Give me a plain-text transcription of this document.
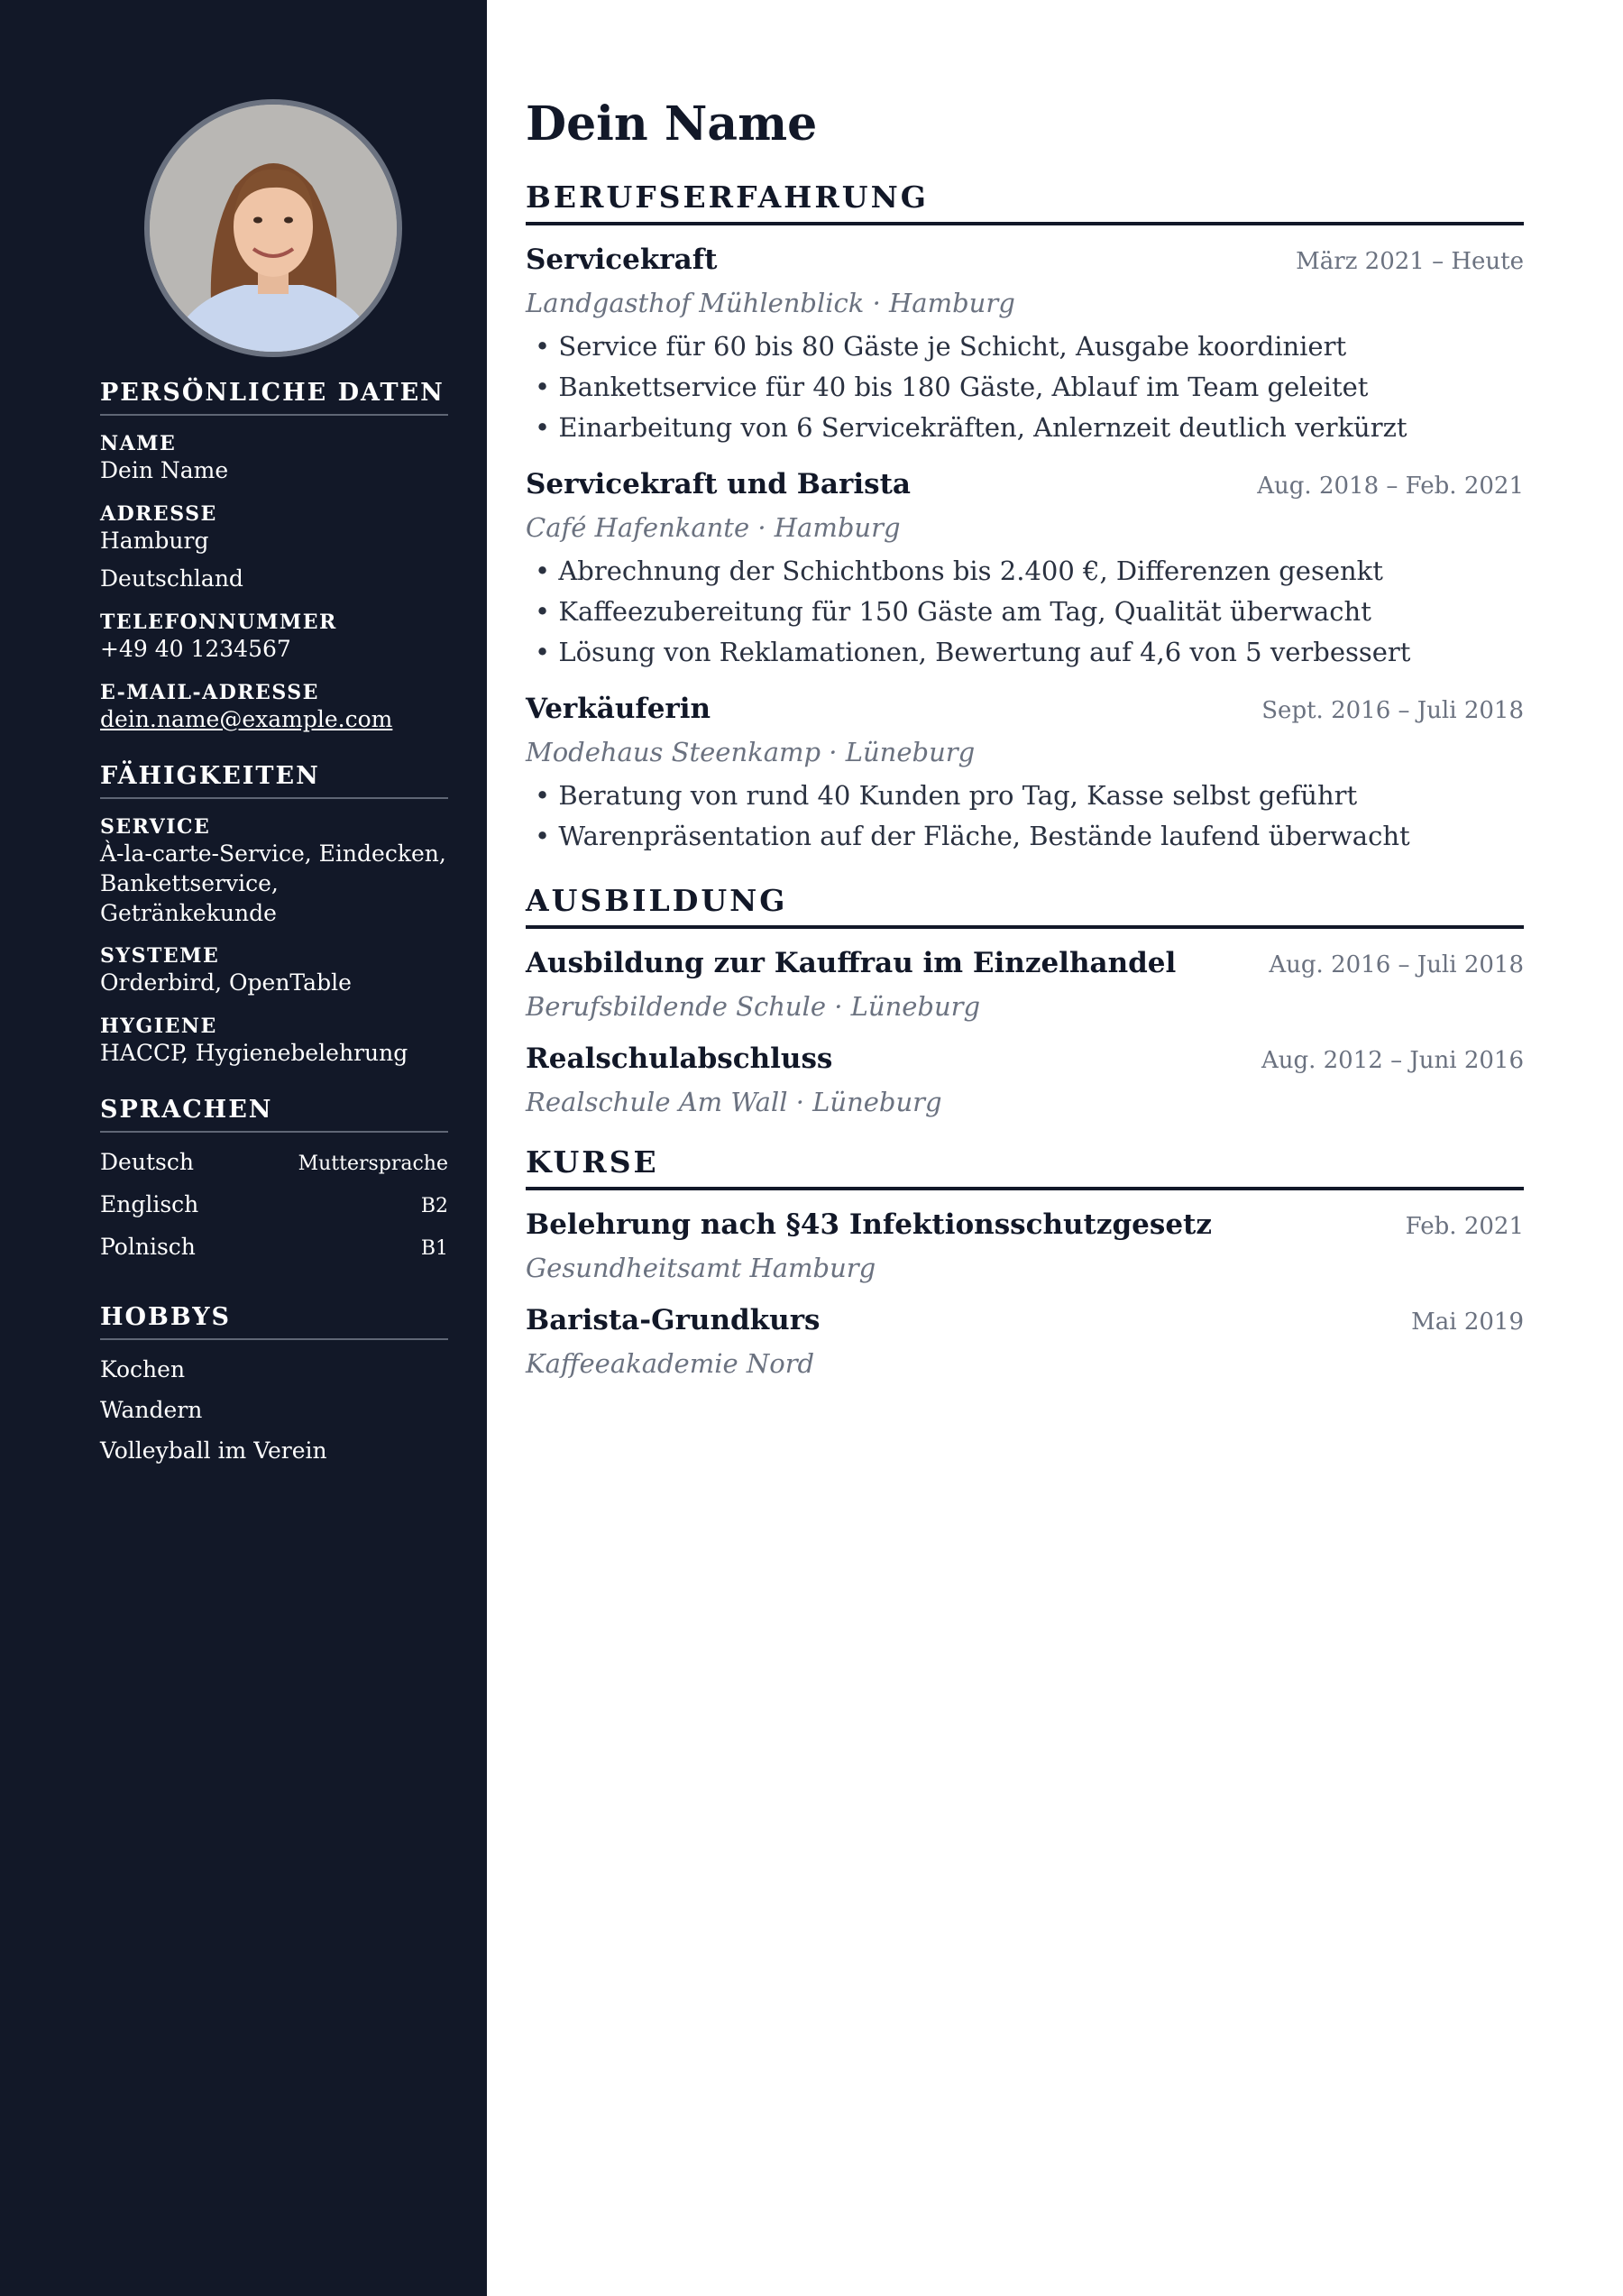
PERSÖNLICHE DATEN
NAME
Dein Name
ADRESSE
Hamburg
Deutschland
TELEFONNUMMER
+49 40 1234567
E-MAIL-ADRESSE
dein.name@example.com
FÄHIGKEITEN
SERVICE
À-la-carte-Service, Eindecken,
Bankettservice, Getränkekunde
SYSTEME
Orderbird, OpenTable
HYGIENE
HACCP, Hygienebelehrung
SPRACHEN
Deutsch	Muttersprache
Englisch	B2
Polnisch	B1
HOBBYS
Kochen
Wandern
Volleyball im Verein
Dein Name
BERUFSERFAHRUNG
Servicekraft	März 2021 – Heute
Landgasthof Mühlenblick · Hamburg
• Service für 60 bis 80 Gäste je Schicht, Ausgabe koordiniert
• Bankettservice für 40 bis 180 Gäste, Ablauf im Team geleitet
• Einarbeitung von 6 Servicekräften, Anlernzeit deutlich verkürzt
Servicekraft und Barista	Aug. 2018 – Feb. 2021
Café Hafenkante · Hamburg
• Abrechnung der Schichtbons bis 2.400 €, Differenzen gesenkt
• Kaffeezubereitung für 150 Gäste am Tag, Qualität überwacht
• Lösung von Reklamationen, Bewertung auf 4,6 von 5 verbessert
Verkäuferin	Sept. 2016 – Juli 2018
Modehaus Steenkamp · Lüneburg
• Beratung von rund 40 Kunden pro Tag, Kasse selbst geführt
• Warenpräsentation auf der Fläche, Bestände laufend überwacht
AUSBILDUNG
Ausbildung zur Kauffrau im Einzelhandel	Aug. 2016 – Juli 2018
Berufsbildende Schule · Lüneburg
Realschulabschluss	Aug. 2012 – Juni 2016
Realschule Am Wall · Lüneburg
KURSE
Belehrung nach §43 Infektionsschutzgesetz	Feb. 2021
Gesundheitsamt Hamburg
Barista-Grundkurs	Mai 2019
Kaffeeakademie Nord
